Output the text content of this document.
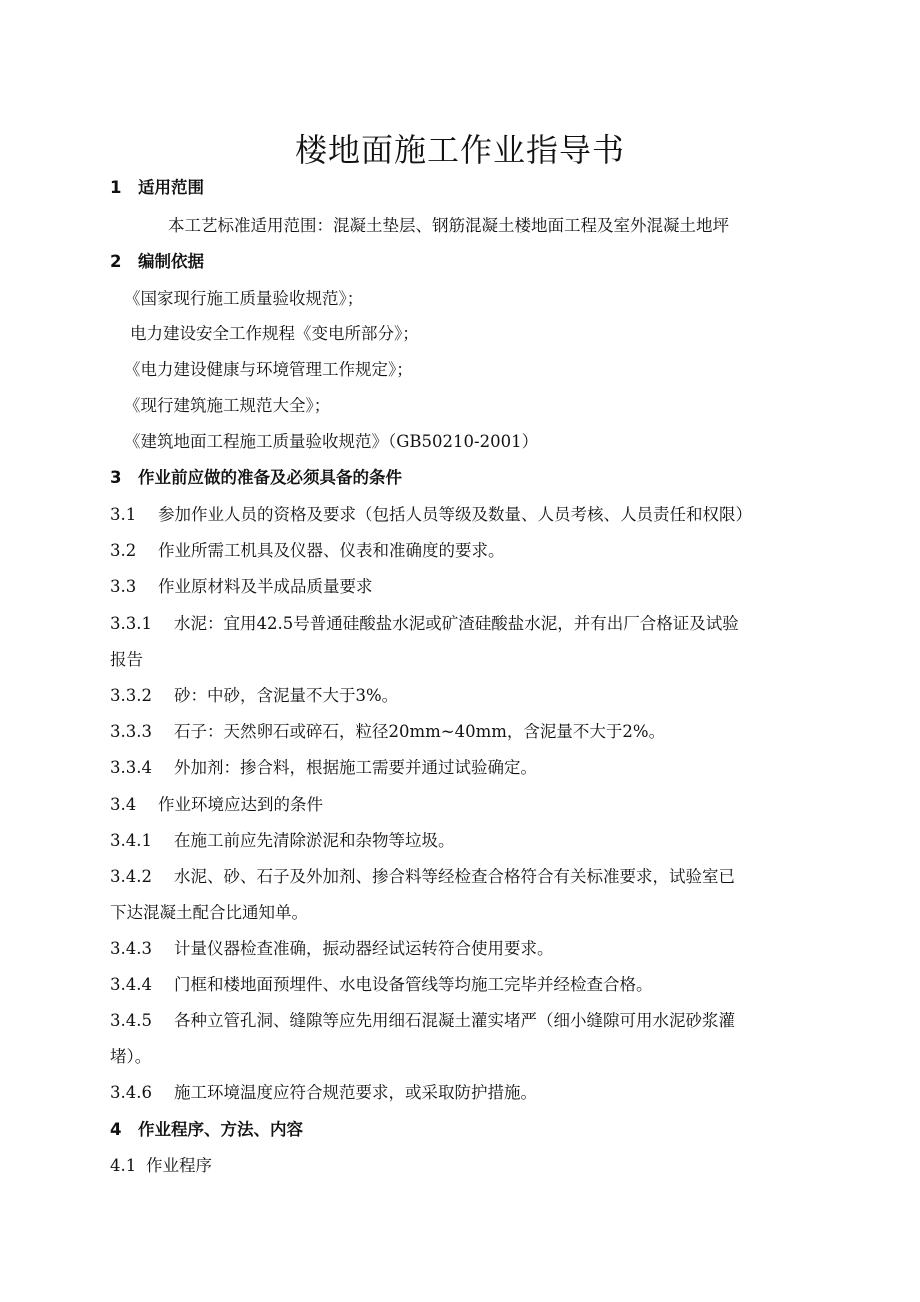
楼地面施工作业指导书
1 适用范围
本工艺标准适用范围：混凝土垫层、钢筋混凝土楼地面工程及室外混凝土地坪
2 编制依据
《国家现行施工质量验收规范》；
电力建设安全工作规程《变电所部分》；
《电力建设健康与环境管理工作规定》；
《现行建筑施工规范大全》；
《建筑地面工程施工质量验收规范》（GB50210-2001）
3 作业前应做的准备及必须具备的条件
3.1 参加作业人员的资格及要求（包括人员等级及数量、人员考核、人员责任和权限）
3.2 作业所需工机具及仪器、仪表和准确度的要求。
3.3 作业原材料及半成品质量要求
3.3.1 水泥：宜用42.5号普通硅酸盐水泥或矿渣硅酸盐水泥，并有出厂合格证及试验
报告
3.3.2 砂：中砂，含泥量不大于3%。
3.3.3 石子：天然卵石或碎石，粒径20mm~40mm，含泥量不大于2%。
3.3.4 外加剂：掺合料，根据施工需要并通过试验确定。
3.4 作业环境应达到的条件
3.4.1 在施工前应先清除淤泥和杂物等垃圾。
3.4.2 水泥、砂、石子及外加剂、掺合料等经检查合格符合有关标准要求，试验室已
下达混凝土配合比通知单。
3.4.3 计量仪器检查准确，振动器经试运转符合使用要求。
3.4.4 门框和楼地面预埋件、水电设备管线等均施工完毕并经检查合格。
3.4.5 各种立管孔洞、缝隙等应先用细石混凝土灌实堵严（细小缝隙可用水泥砂浆灌
堵）。
3.4.6 施工环境温度应符合规范要求，或采取防护措施。
4 作业程序、方法、内容
4.1 作业程序
